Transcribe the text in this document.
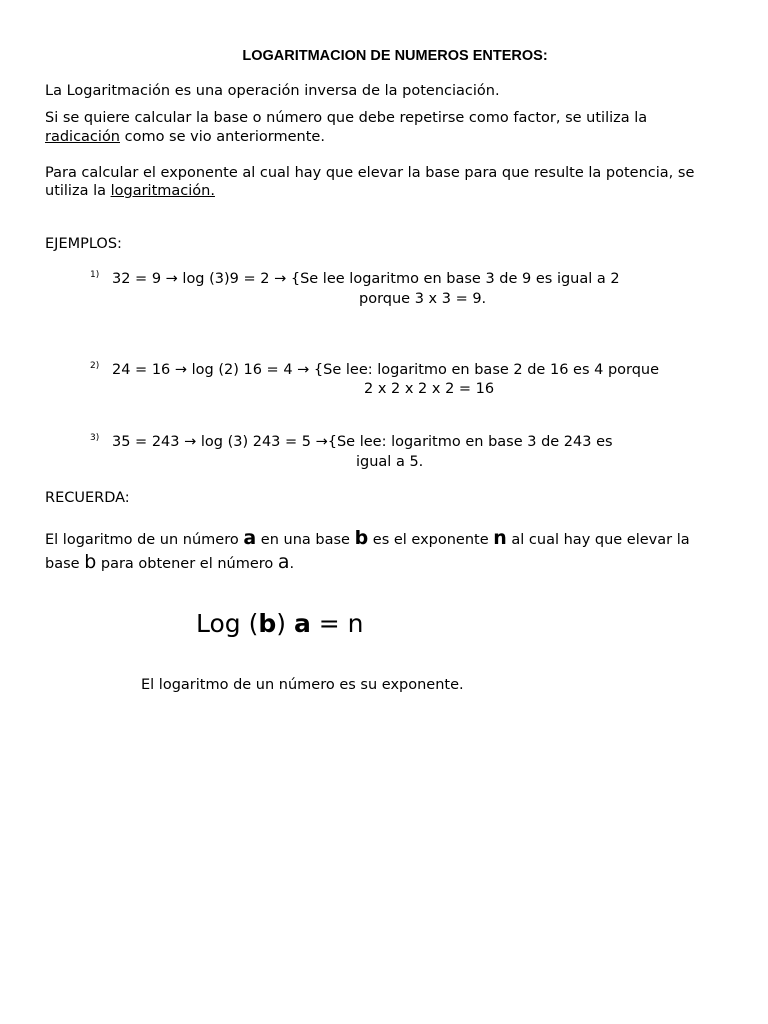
LOGARITMACION DE NUMEROS ENTEROS:
La Logaritmación es una operación inversa de la potenciación.
Si se quiere calcular la base o número que debe repetirse como factor, se utiliza la
radicación como se vio anteriormente.
Para calcular el exponente al cual hay que elevar la base para que resulte la potencia, se
utiliza la logaritmación.
EJEMPLOS:
1) 32 = 9 → log (3)9 = 2 → {Se lee logaritmo en base 3 de 9 es igual a 2
porque 3 x 3 = 9.
2) 24 = 16 → log (2) 16 = 4 → {Se lee: logaritmo en base 2 de 16 es 4 porque
2 x 2 x 2 x 2 = 16
3) 35 = 243 → log (3) 243 = 5 →{Se lee: logaritmo en base 3 de 243 es
igual a 5.
RECUERDA:
El logaritmo de un número a en una base b es el exponente n al cual hay que elevar la
base b para obtener el número a.
Log (b) a = n
El logaritmo de un número es su exponente.
